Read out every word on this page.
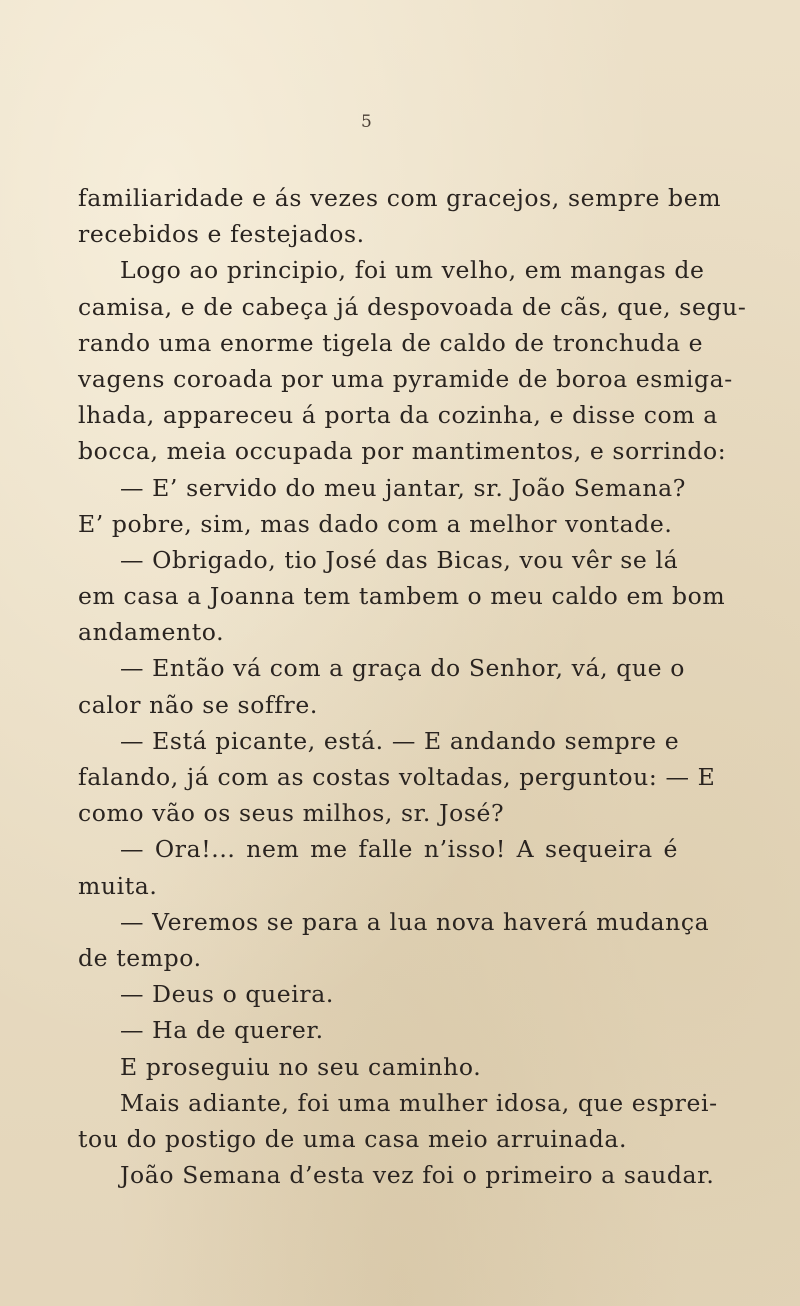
5
familiaridade e ás vezes com gracejos, sempre bem
recebidos e festejados.
Logo ao principio, foi um velho, em mangas de
camisa, e de cabeça já despovoada de cãs, que, segu-
rando uma enorme tigela de caldo de tronchuda e
vagens coroada por uma pyramide de boroa esmiga-
lhada, appareceu á porta da cozinha, e disse com a
bocca, meia occupada por mantimentos, e sorrindo:
— E’ servido do meu jantar, sr. João Semana?
E’ pobre, sim, mas dado com a melhor vontade.
— Obrigado, tio José das Bicas, vou vêr se lá
em casa a Joanna tem tambem o meu caldo em bom
andamento.
— Então vá com a graça do Senhor, vá, que o
calor não se soffre.
— Está picante, está. — E andando sempre e
falando, já com as costas voltadas, perguntou: — E
como vão os seus milhos, sr. José?
— Ora!... nem me falle n’isso! A sequeira é
muita.
— Veremos se para a lua nova haverá mudança
de tempo.
— Deus o queira.
— Ha de querer.
E proseguiu no seu caminho.
Mais adiante, foi uma mulher idosa, que esprei-
tou do postigo de uma casa meio arruinada.
João Semana d’esta vez foi o primeiro a saudar.
